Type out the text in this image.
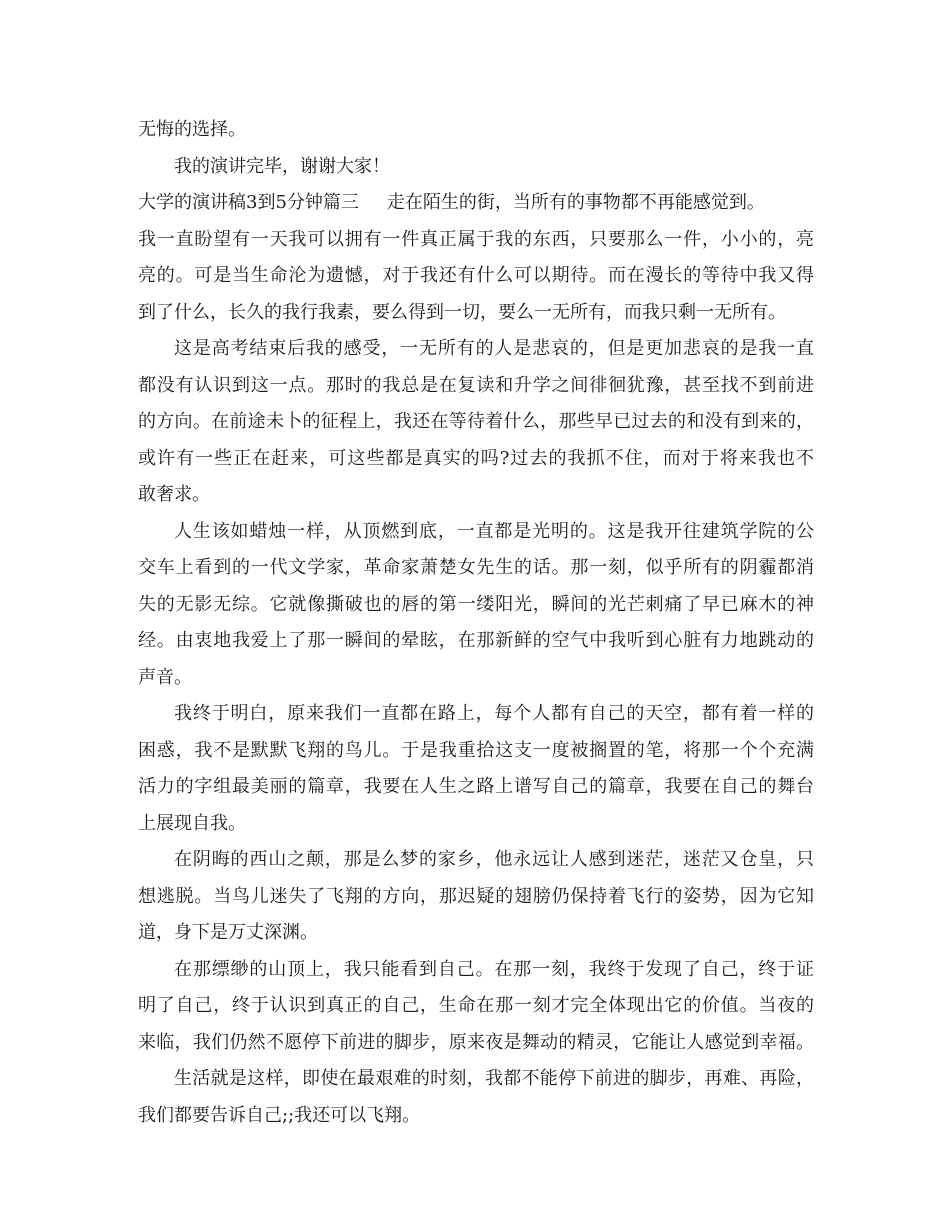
无悔的选择。
我的演讲完毕，谢谢大家！
大学的演讲稿3到5分钟篇三 走在陌生的街，当所有的事物都不再能感觉到。
我一直盼望有一天我可以拥有一件真正属于我的东西，只要那么一件，小小的，亮
亮的。可是当生命沦为遗憾，对于我还有什么可以期待。而在漫长的等待中我又得
到了什么，长久的我行我素，要么得到一切，要么一无所有，而我只剩一无所有。
这是高考结束后我的感受，一无所有的人是悲哀的，但是更加悲哀的是我一直
都没有认识到这一点。那时的我总是在复读和升学之间徘徊犹豫，甚至找不到前进
的方向。在前途未卜的征程上，我还在等待着什么，那些早已过去的和没有到来的，
或许有一些正在赶来，可这些都是真实的吗?过去的我抓不住，而对于将来我也不
敢奢求。
人生该如蜡烛一样，从顶燃到底，一直都是光明的。这是我开往建筑学院的公
交车上看到的一代文学家，革命家萧楚女先生的话。那一刻，似乎所有的阴霾都消
失的无影无综。它就像撕破也的唇的第一缕阳光，瞬间的光芒刺痛了早已麻木的神
经。由衷地我爱上了那一瞬间的晕眩，在那新鲜的空气中我听到心脏有力地跳动的
声音。
我终于明白，原来我们一直都在路上，每个人都有自己的天空，都有着一样的
困惑，我不是默默飞翔的鸟儿。于是我重拾这支一度被搁置的笔，将那一个个充满
活力的字组最美丽的篇章，我要在人生之路上谱写自己的篇章，我要在自己的舞台
上展现自我。
在阴晦的西山之颠，那是么梦的家乡，他永远让人感到迷茫，迷茫又仓皇，只
想逃脱。当鸟儿迷失了飞翔的方向，那迟疑的翅膀仍保持着飞行的姿势，因为它知
道，身下是万丈深渊。
在那缥缈的山顶上，我只能看到自己。在那一刻，我终于发现了自己，终于证
明了自己，终于认识到真正的自己，生命在那一刻才完全体现出它的价值。当夜的
来临，我们仍然不愿停下前进的脚步，原来夜是舞动的精灵，它能让人感觉到幸福。
生活就是这样，即使在最艰难的时刻，我都不能停下前进的脚步，再难、再险，
我们都要告诉自己;;我还可以飞翔。
